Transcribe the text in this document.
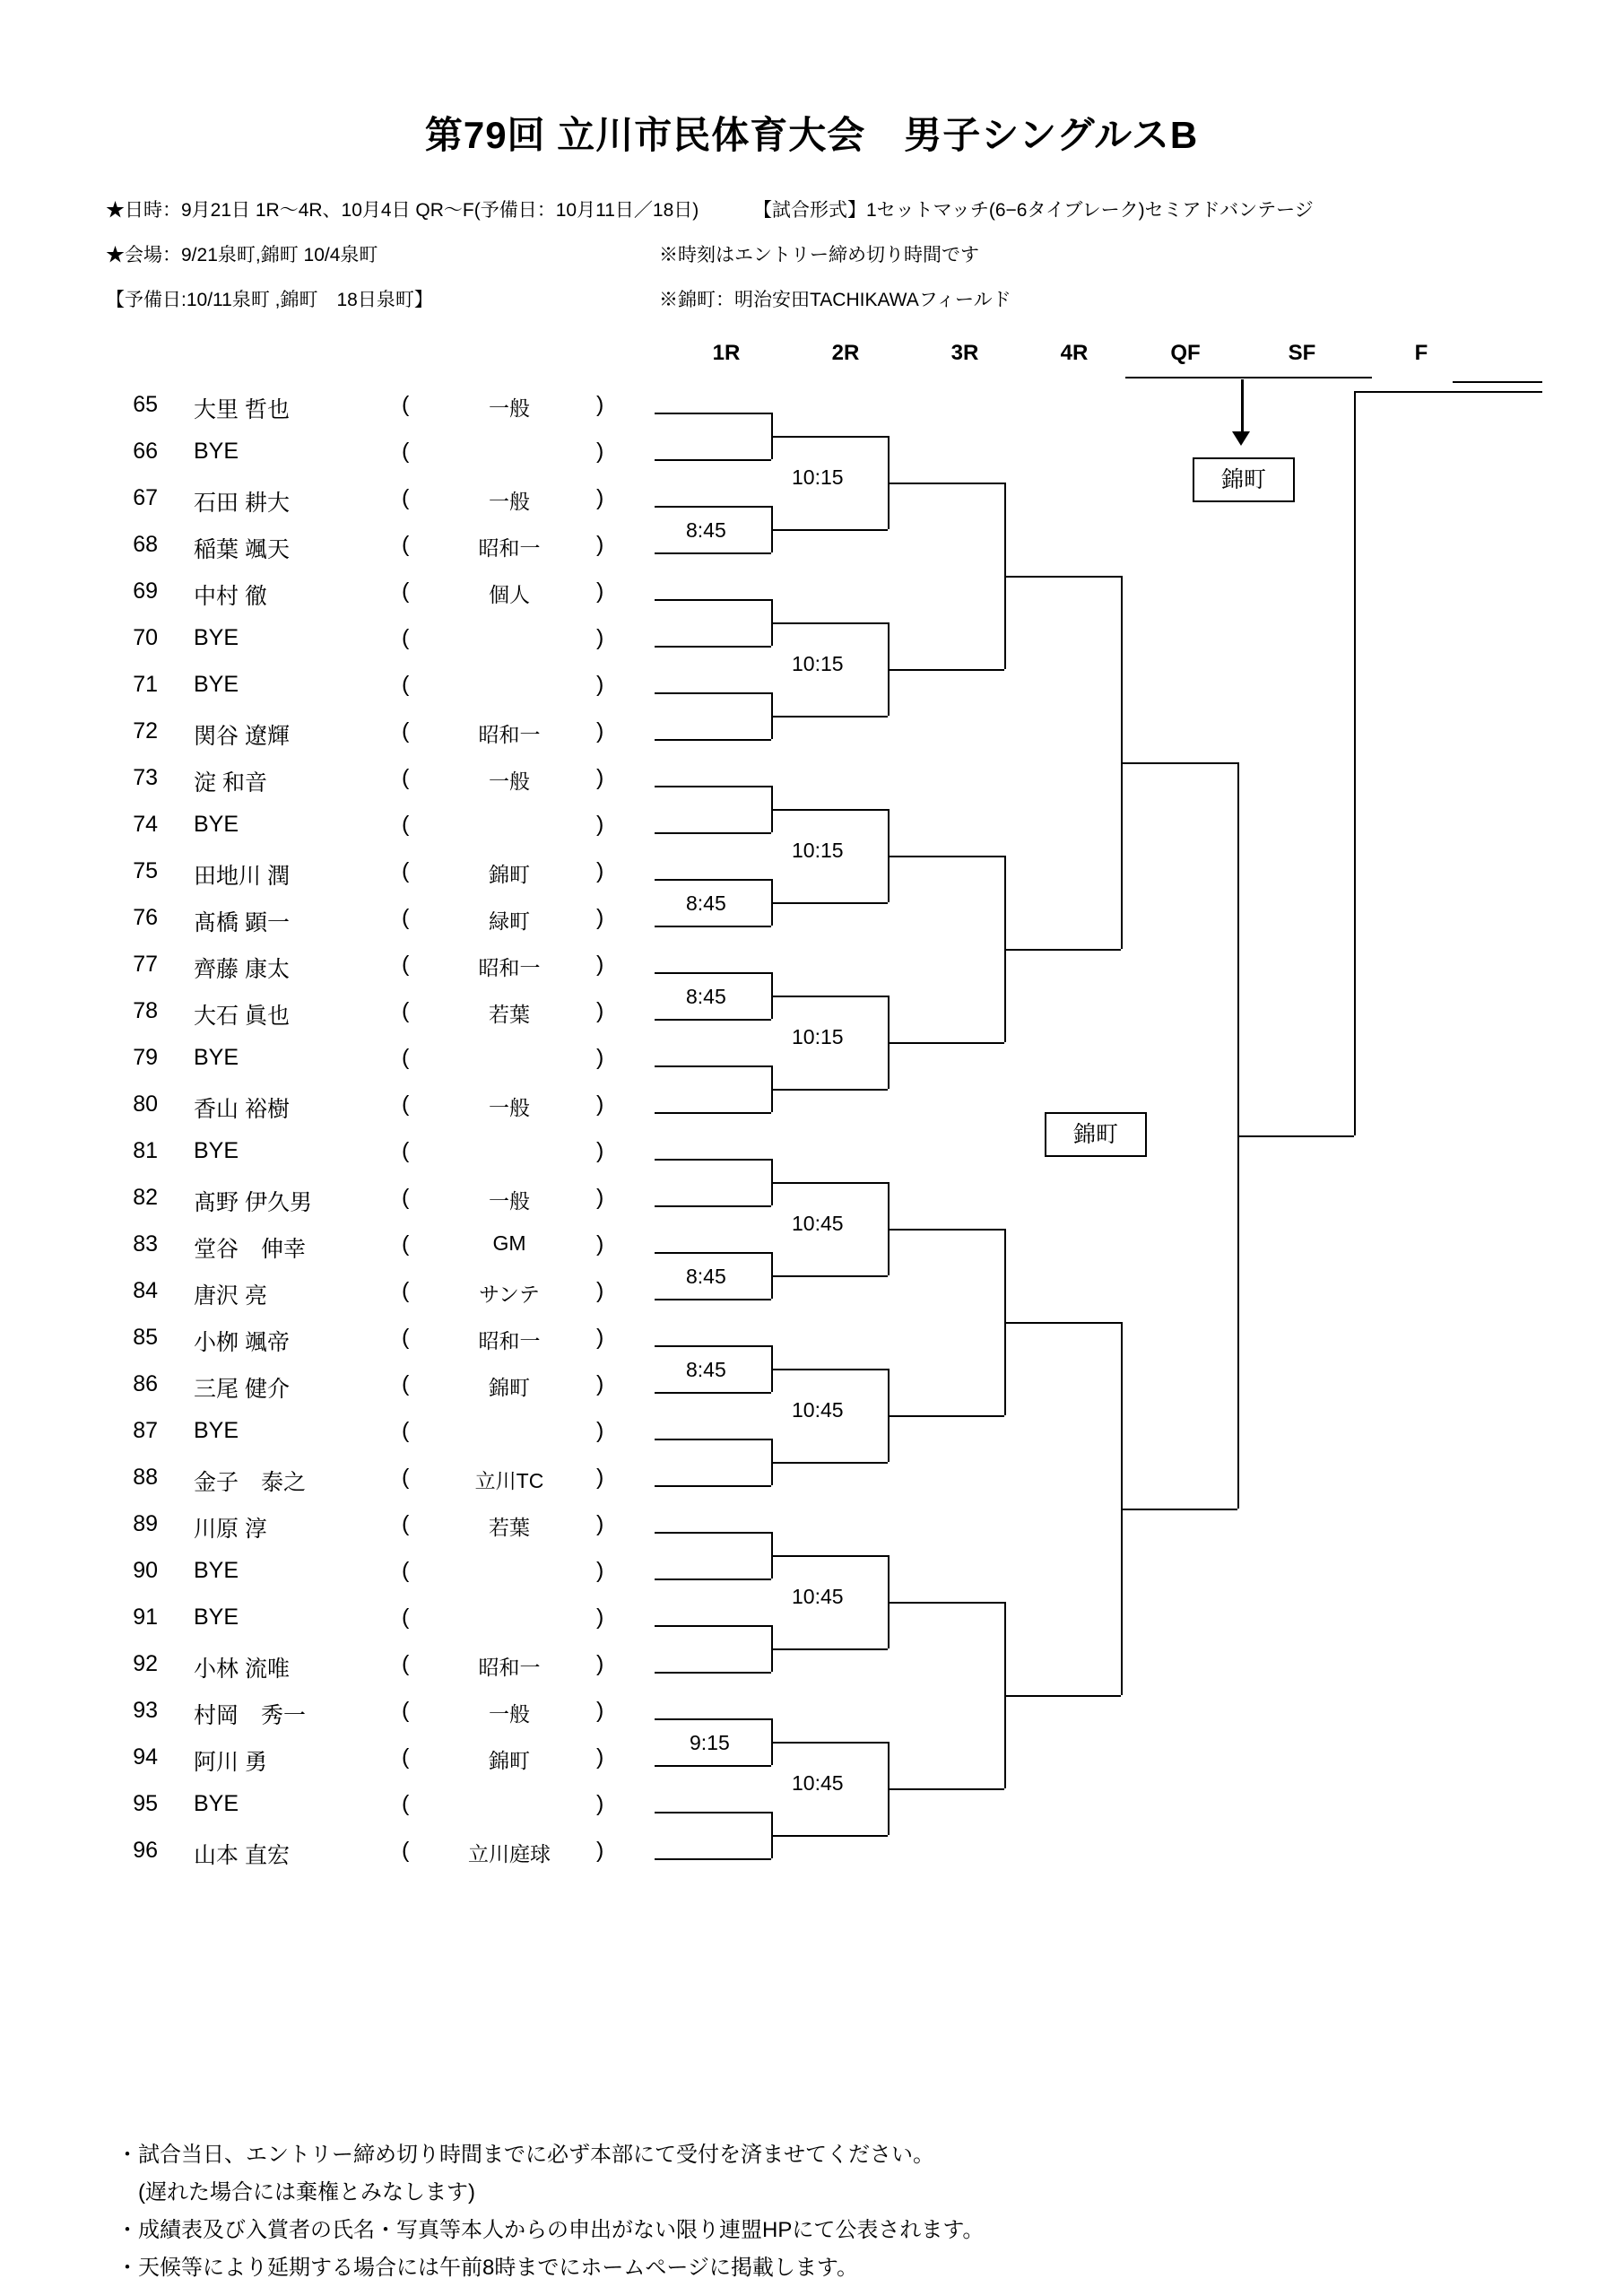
第79回 立川市民体育大会　男子シングルスB
★日時：9月21日 1R〜4R、10月4日 QR〜F(予備日：10月11日／18日)	【試合形式】1セットマッチ(6−6タイブレーク)セミアドバンテージ
★会場：9/21泉町,錦町 10/4泉町	※時刻はエントリー締め切り時間です
【予備日:10/11泉町 ,錦町　18日泉町】	※錦町：明治安田TACHIKAWAフィールド
1R	2R	3R	4R	QF	SF	F
65 大里 哲也	(	一般	)
66 BYE	(	)
67 石田 耕大	(	一般	)
68 稲葉 颯天	(	昭和一	)
69 中村 徹	(	個人	)
70 BYE	(	)
71 BYE	(	)
72 関谷 遼輝	(	昭和一	)
73 淀 和音	(	一般	)
74 BYE	(	)
75 田地川 潤	(	錦町	)
76 髙橋 顕一	(	緑町	)
77 齊藤 康太	(	昭和一	)
78 大石 眞也	(	若葉	)
79 BYE	(	)
80 香山 裕樹	(	一般	)
81 BYE	(	)
82 髙野 伊久男	(	一般	)
83 堂谷　伸幸	(	GM	)
84 唐沢 亮	(	サンテ	)
85 小栁 颯帝	(	昭和一	)
86 三尾 健介	(	錦町	)
87 BYE	(	)
88 金子　泰之	(	立川TC	)
89 川原 淳	(	若葉	)
90 BYE	(	)
91 BYE	(	)
92 小林 流唯	(	昭和一	)
93 村岡　秀一	(	一般	)
94 阿川 勇	(	錦町	)
95 BYE	(	)
96 山本 直宏	(	立川庭球	)
錦町
錦町
8:45
10:15
10:15
10:15
8:45
8:45
10:15
10:45
8:45
8:45
10:45
10:45
9:15
10:45
・試合当日、エントリー締め切り時間までに必ず本部にて受付を済ませてください。
　(遅れた場合には棄権とみなします)
・成績表及び入賞者の氏名・写真等本人からの申出がない限り連盟HPにて公表されます。
・天候等により延期する場合には午前8時までにホームページに掲載します。
